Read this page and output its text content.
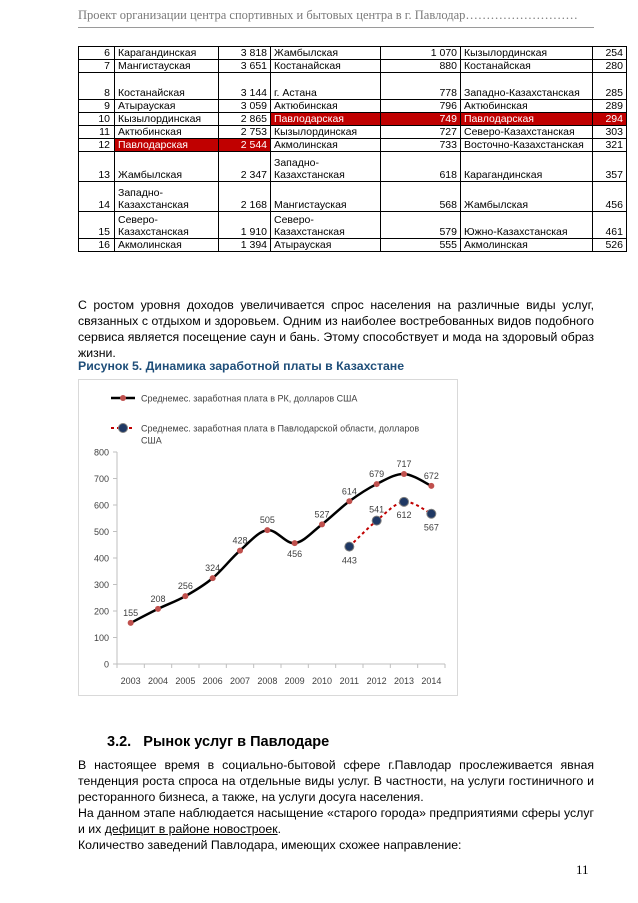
Проект организации центра спортивных и бытовых центра в г. Павлодар………………………
6	Карагандинская	3 818	Жамбылская	1 070	Кызылординская	254
7	Мангистауская	3 651	Костанайская	880	Костанайская	280
8	Костанайская	3 144	г. Астана	778	Западно-Казахстанская	285
9	Атырауская	3 059	Актюбинская	796	Актюбинская	289
10	Кызылординская	2 865	Павлодарская	749	Павлодарская	294
11	Актюбинская	2 753	Кызылординская	727	Северо-Казахстанская	303
12	Павлодарская	2 544	Акмолинская	733	Восточно-Казахстанская	321
13	Жамбылская	2 347	Западно-
Казахстанская	618	Карагандинская	357
14	Западно-
Казахстанская	2 168	Мангистауская	568	Жамбылская	456
15	Северо-
Казахстанская	1 910	Северо-
Казахстанская	579	Южно-Казахстанская	461
16	Акмолинская	1 394	Атырауская	555	Акмолинская	526
С ростом уровня доходов увеличивается спрос населения на различные виды услуг, связанных с отдыхом и здоровьем. Одним из наиболее востребованных видов подобного сервиса является посещение саун и бань. Этому способствует и мода на здоровый образ жизни.
Рисунок 5. Динамика заработной платы в Казахстане
0
100
200
300
400
500
600
700
800
2003 2004 2005 2006 2007 2008 2009 2010 2011 2012 2013 2014
155
208
256
324
428
505
456
527
614
679
717
672
443
541
612
567
Среднемес. заработная плата в РК, долларов США
Среднемес. заработная плата в Павлодарской области, долларов США
3.2. Рынок услуг в Павлодаре
В настоящее время в социально-бытовой сфере г.Павлодар прослеживается явная тенденция роста спроса на отдельные виды услуг. В частности, на услуги гостиничного и ресторанного бизнеса, а также, на услуги досуга населения.
На данном этапе наблюдается насыщение «старого города» предприятиями сферы услуг и их дефицит в районе новостроек.
Количество заведений Павлодара, имеющих схожее направление:
11
